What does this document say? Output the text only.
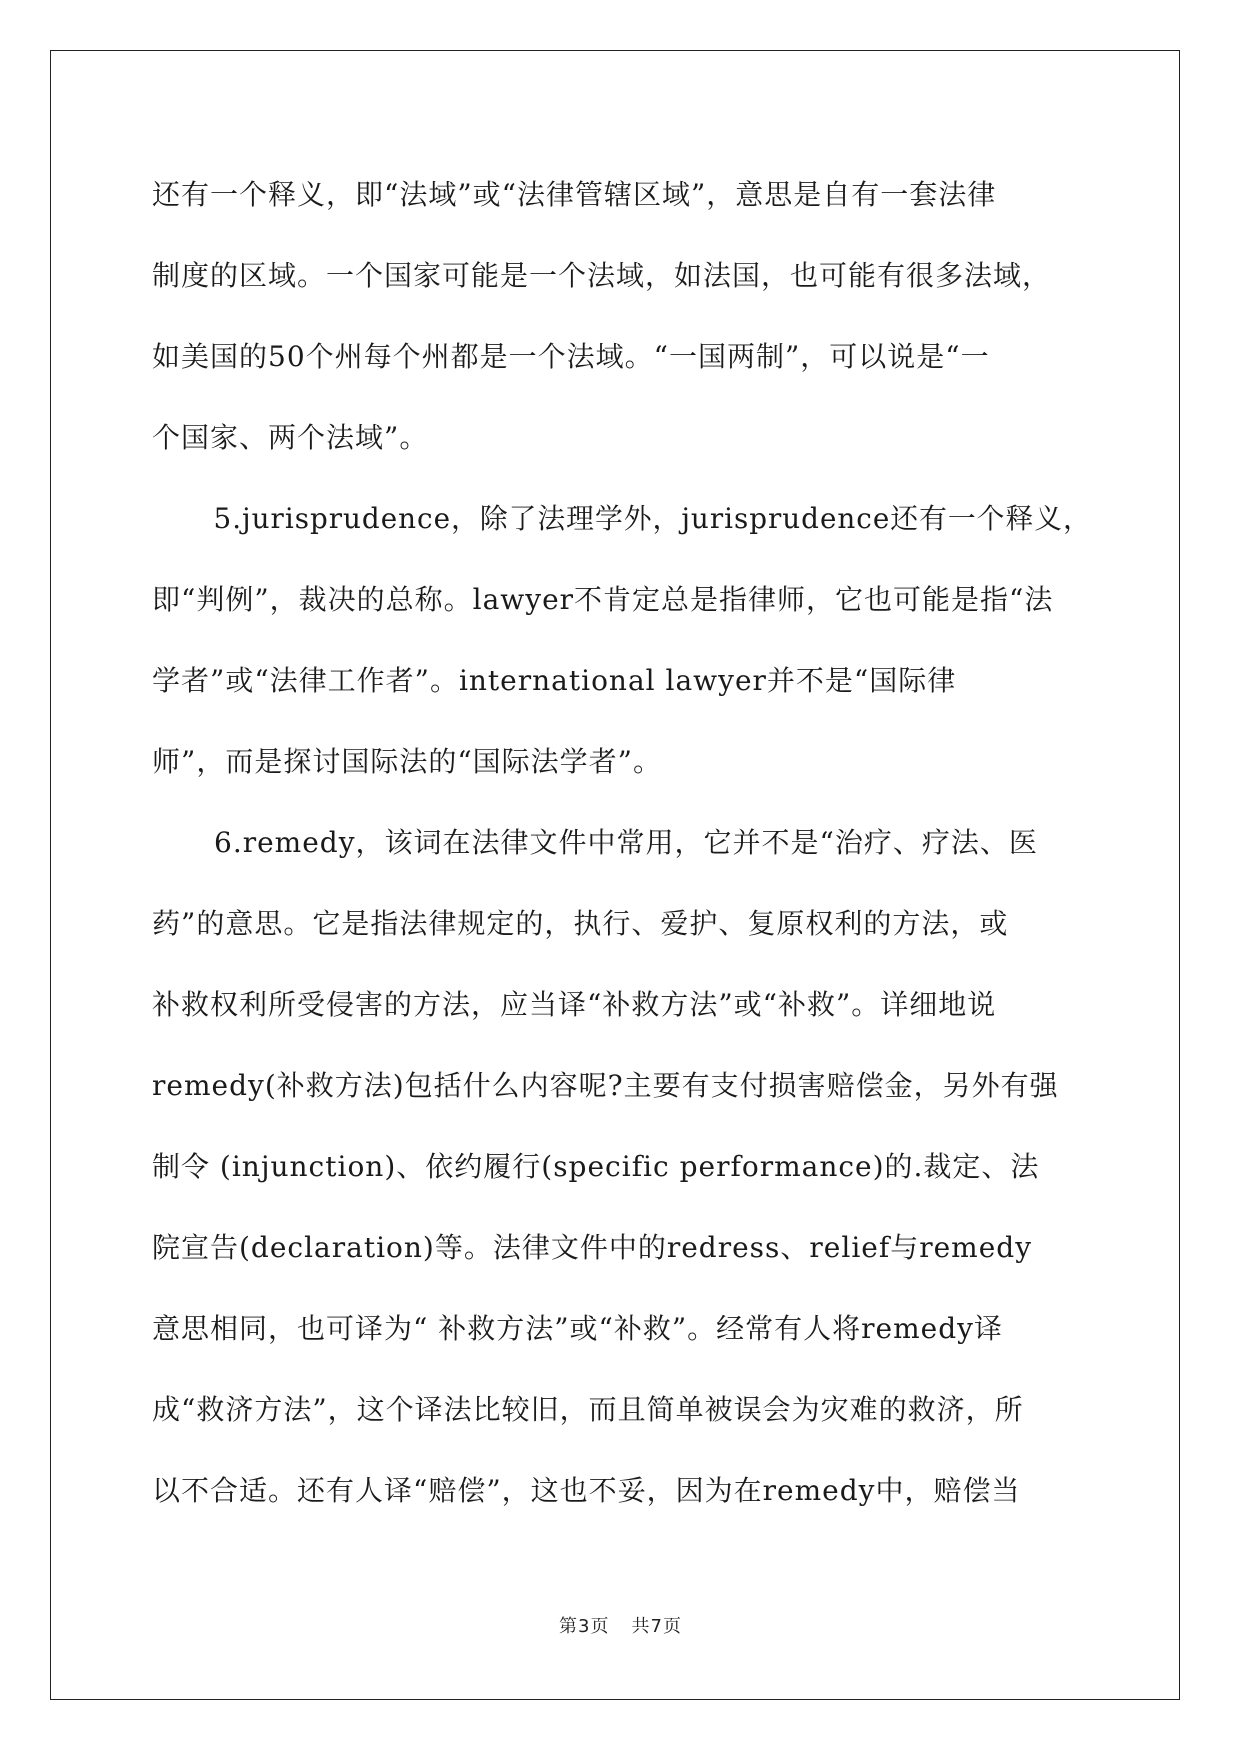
还有一个释义，即“法域”或“法律管辖区域”，意思是自有一套法律
制度的区域。一个国家可能是一个法域，如法国，也可能有很多法域，
如美国的50个州每个州都是一个法域。“一国两制”，可以说是“一
个国家、两个法域”。
5.jurisprudence，除了法理学外，jurisprudence还有一个释义，
即“判例”，裁决的总称。lawyer不肯定总是指律师，它也可能是指“法
学者”或“法律工作者”。international lawyer并不是“国际律
师”，而是探讨国际法的“国际法学者”。
6.remedy，该词在法律文件中常用，它并不是“治疗、疗法、医
药”的意思。它是指法律规定的，执行、爱护、复原权利的方法，或
补救权利所受侵害的方法，应当译“补救方法”或“补救”。详细地说
remedy(补救方法)包括什么内容呢?主要有支付损害赔偿金，另外有强
制令 (injunction)、依约履行(specific performance)的.裁定、法
院宣告(declaration)等。法律文件中的redress、relief与remedy
意思相同，也可译为“ 补救方法”或“补救”。经常有人将remedy译
成“救济方法”，这个译法比较旧，而且简单被误会为灾难的救济，所
以不合适。还有人译“赔偿”，这也不妥，因为在remedy中，赔偿当
第3页 共7页
